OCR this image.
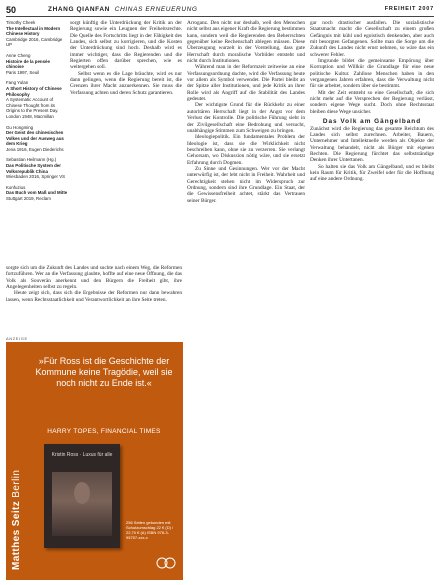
50	ZHANG QIANFAN CHINAS ERNEUERUNG	FREIHEIT 2007
Timothy Cheek
The Intellectual in Modern Chinese History
Cambridge 2016, Cambridge UP
Anne Cheng
Histoire de la pensée chinoise
Paris 1997, Seuil
Fang Yulan
A Short History of Chinese Philosophy
A Systematic Account of Chinese Thought from its Origins to the Present Day. London 1948, Macmillan
Gu Hongming
Der Geist des chinesischen Volkes und der Ausweg aus dem Krieg
Jena 1916, Eugen Diederichs
Sebastian Heilmann (Hg.)
Das Politische System der Volksrepublik China
Wiesbaden 2016, Springer VS
Konfuzius
Das Buch vom Maß und Mitte
Stuttgart 2019, Reclam

sorgt künftig die Unterdrückung der Kritik an der Regierung sowie ein Leugnen der Freiheitsrechte. Die Quelle des Fortschritts liegt in der Fähigkeit des Landes, sich selbst zu korrigieren, und die Kosten der Unterdrückung sind hoch. Deshalb wird es immer wichtiger, dass die Regierenden und die Regierten offen darüber sprechen, wie es weitergehen soll.

Selbst wenn es die Lage bräuchte, wird es nur dann gelingen, wenn die Regierung bereit ist, die Grenzen ihrer Macht anzuerkennen. Sie muss die Verfassung achten und deren Schutz garantieren.

sorgte sich um die Zukunft des Landes und suchte nach einem Weg, die Reformen fortzuführen. Wer an die Verfassung glaubte, hoffte auf eine neue Öffnung, die das Volk als Souverän anerkennt und den Bürgern die Freiheit gibt, ihre Angelegenheiten selbst zu regeln.

Heute zeigt sich, dass sich die Ergebnisse der Reformen nur dann bewahren lassen, wenn Rechtsstaatlichkeit und Verantwortlichkeit an ihre Seite treten.

ANZEIGE
Matthes Seitz Berlin
»Für Ross ist die Geschichte der Kommune keine Tragödie, weil sie noch nicht zu Ende ist.«
HARRY TOPES, FINANCIAL TIMES
Kristin Ross · Luxus für alle
256 Seiten gebunden mit Schutzumschlag 22 € (D) / 22,70 € (A) ISBN 978-3-95757-xxx-x

Arroganz. Den nicht nur deshalb, weil den Menschen nicht selbst aus eigener Kraft die Regierung bestimmen kann, sondern weil die Regierenden den Beherrschten gegenüber keine Rechenschaft ablegen müssen. Diese Überzeugung wurzelt in der Vorstellung, dass gute Herrschaft durch moralische Vorbilder entsteht und nicht durch Institutionen.

Während man in der Reformzeit zeitweise an eine Verfassungsordnung dachte, wird die Verfassung heute vor allem als Symbol verwendet. Die Partei bleibt an der Spitze aller Institutionen, und jede Kritik an ihrer Rolle wird als Angriff auf die Stabilität des Landes gedeutet.

Der wichtigste Grund für die Rückkehr zu einer autoritären Herrschaft liegt in der Angst vor dem Verlust der Kontrolle. Die politische Führung sieht in der Zivilgesellschaft eine Bedrohung und versucht, unabhängige Stimmen zum Schweigen zu bringen.

Ideologiepolitik. Ein fundamentales Problem der Ideologie ist, dass sie die Wirklichkeit nicht beschreiben kann, ohne sie zu verzerren. Sie verlangt Gehorsam, wo Diskussion nötig wäre, und sie ersetzt Erfahrung durch Dogmen.

Zu Sinne und Gesinnungen. Wer vor der Macht unterwürfig ist, der lebt nicht in Freiheit. Wahrheit und Gerechtigkeit stehen nicht im Widerspruch zur Ordnung, sondern sind ihre Grundlage. Ein Staat, der die Gewissensfreiheit achtet, stärkt das Vertrauen seiner Bürger.

gar noch drastischer ausfallen. Die sozialistische Staatsmacht macht die Gesellschaft zu einem großen Gefängnis mit kühl und egoistisch denkenden, aber auch mit besorgten Gefangenen. Sollte man die Sorge um die Zukunft des Landes nicht ernst nehmen, so wäre das ein schwerer Fehler.

Imgrunde bildet die gemeinsame Empörung über Korruption und Willkür die Grundlage für eine neue politische Kultur. Zahllose Menschen haben in den vergangenen Jahren erfahren, dass die Verwaltung nicht für sie arbeitet, sondern über sie bestimmt.

Mit der Zeit entsteht so eine Gesellschaft, die sich nicht mehr auf die Versprechen der Regierung verlässt, sondern eigene Wege sucht. Doch ohne Rechtsstaat bleiben diese Wege unsicher.

Das Volk am Gängelband

Zunächst wird die Regierung das gesamte Reichtum des Landes sich selbst zurechnen. Arbeiter, Bauern, Unternehmer und Intellektuelle werden als Objekte der Verwaltung behandelt, nicht als Bürger mit eigenen Rechten. Die Regierung fürchtet das selbstständige Denken ihrer Untertanen.

So halten sie das Volk am Gängelband, und es bleibt kein Raum für Kritik, für Zweifel oder für die Hoffnung auf eine andere Ordnung.
